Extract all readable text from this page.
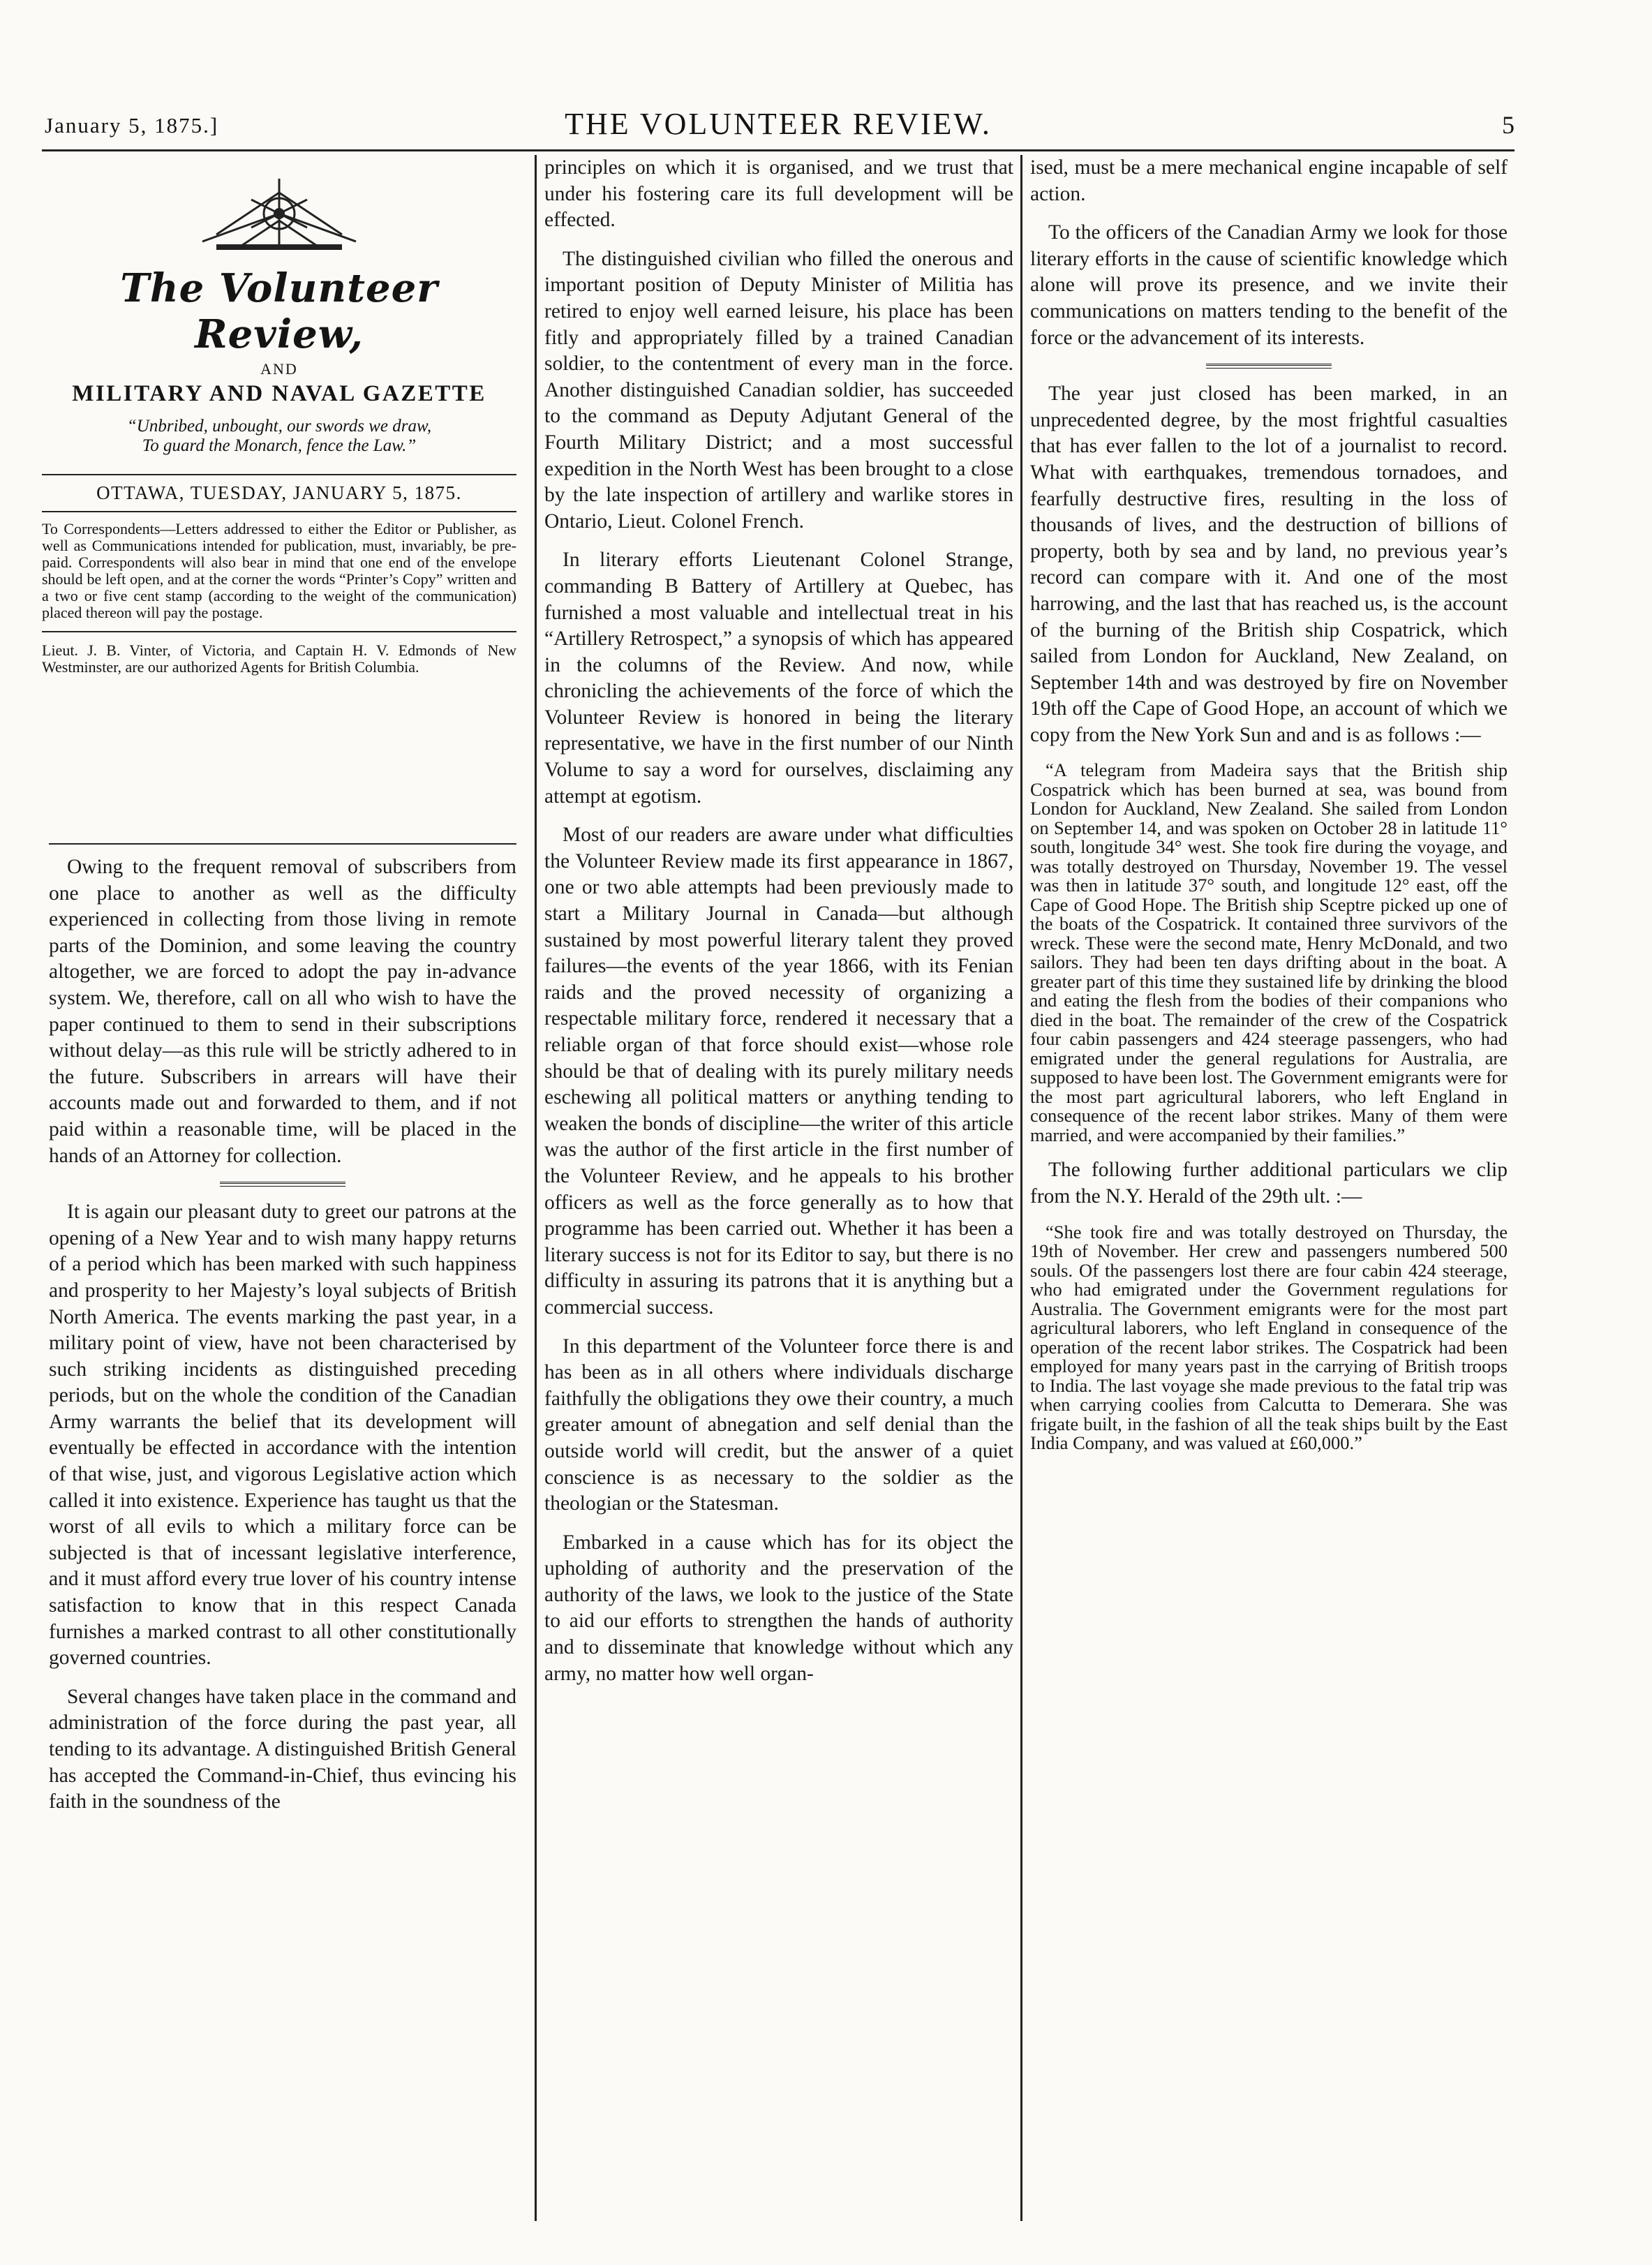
January 5, 1875.]	THE VOLUNTEER REVIEW.	5
The Volunteer Review,
AND
MILITARY AND NAVAL GAZETTE
“Unbribed, unbought, our swords we draw,
To guard the Monarch, fence the Law.”
OTTAWA, TUESDAY, JANUARY 5, 1875.

To Correspondents—Letters addressed to either the Editor or Publisher, as well as Communications intended for publication, must, invariably, be pre-paid. Correspondents will also bear in mind that one end of the envelope should be left open, and at the corner the words “Printer’s Copy” written and a two or five cent stamp (according to the weight of the communication) placed thereon will pay the postage.

Lieut. J. B. Vinter, of Victoria, and Captain H. V. Edmonds of New Westminster, are our authorized Agents for British Columbia.

Owing to the frequent removal of subscribers from one place to another as well as the difficulty experienced in collecting from those living in remote parts of the Dominion, and some leaving the country altogether, we are forced to adopt the pay in-advance system. We, therefore, call on all who wish to have the paper continued to them to send in their subscriptions without delay—as this rule will be strictly adhered to in the future. Subscribers in arrears will have their accounts made out and forwarded to them, and if not paid within a reasonable time, will be placed in the hands of an Attorney for collection.

It is again our pleasant duty to greet our patrons at the opening of a New Year and to wish many happy returns of a period which has been marked with such happiness and prosperity to her Majesty’s loyal subjects of British North America. The events marking the past year, in a military point of view, have not been characterised by such striking incidents as distinguished preceding periods, but on the whole the condition of the Canadian Army warrants the belief that its development will eventually be effected in accordance with the intention of that wise, just, and vigorous Legislative action which called it into existence. Experience has taught us that the worst of all evils to which a military force can be subjected is that of incessant legislative interference, and it must afford every true lover of his country intense satisfaction to know that in this respect Canada furnishes a marked contrast to all other constitutionally governed countries.

Several changes have taken place in the command and administration of the force during the past year, all tending to its advantage. A distinguished British General has accepted the Command-in-Chief, thus evincing his faith in the soundness of the

principles on which it is organised, and we trust that under his fostering care its full development will be effected.

The distinguished civilian who filled the onerous and important position of Deputy Minister of Militia has retired to enjoy well earned leisure, his place has been fitly and appropriately filled by a trained Canadian soldier, to the contentment of every man in the force. Another distinguished Canadian soldier, has succeeded to the command as Deputy Adjutant General of the Fourth Military District; and a most successful expedition in the North West has been brought to a close by the late inspection of artillery and warlike stores in Ontario, Lieut. Colonel French.

In literary efforts Lieutenant Colonel Strange, commanding B Battery of Artillery at Quebec, has furnished a most valuable and intellectual treat in his “Artillery Retrospect,” a synopsis of which has appeared in the columns of the Review. And now, while chronicling the achievements of the force of which the Volunteer Review is honored in being the literary representative, we have in the first number of our Ninth Volume to say a word for ourselves, disclaiming any attempt at egotism.

Most of our readers are aware under what difficulties the Volunteer Review made its first appearance in 1867, one or two able attempts had been previously made to start a Military Journal in Canada—but although sustained by most powerful literary talent they proved failures—the events of the year 1866, with its Fenian raids and the proved necessity of organizing a respectable military force, rendered it necessary that a reliable organ of that force should exist—whose role should be that of dealing with its purely military needs eschewing all political matters or anything tending to weaken the bonds of discipline—the writer of this article was the author of the first article in the first number of the Volunteer Review, and he appeals to his brother officers as well as the force generally as to how that programme has been carried out. Whether it has been a literary success is not for its Editor to say, but there is no difficulty in assuring its patrons that it is anything but a commercial success.

In this department of the Volunteer force there is and has been as in all others where individuals discharge faithfully the obligations they owe their country, a much greater amount of abnegation and self denial than the outside world will credit, but the answer of a quiet conscience is as necessary to the soldier as the theologian or the Statesman.

Embarked in a cause which has for its object the upholding of authority and the preservation of the authority of the laws, we look to the justice of the State to aid our efforts to strengthen the hands of authority and to disseminate that knowledge without which any army, no matter how well organ-

ised, must be a mere mechanical engine incapable of self action.

To the officers of the Canadian Army we look for those literary efforts in the cause of scientific knowledge which alone will prove its presence, and we invite their communications on matters tending to the benefit of the force or the advancement of its interests.

The year just closed has been marked, in an unprecedented degree, by the most frightful casualties that has ever fallen to the lot of a journalist to record. What with earthquakes, tremendous tornadoes, and fearfully destructive fires, resulting in the loss of thousands of lives, and the destruction of billions of property, both by sea and by land, no previous year’s record can compare with it. And one of the most harrowing, and the last that has reached us, is the account of the burning of the British ship Cospatrick, which sailed from London for Auckland, New Zealand, on September 14th and was destroyed by fire on November 19th off the Cape of Good Hope, an account of which we copy from the New York Sun and and is as follows :—

“A telegram from Madeira says that the British ship Cospatrick which has been burned at sea, was bound from London for Auckland, New Zealand. She sailed from London on September 14, and was spoken on October 28 in latitude 11° south, longitude 34° west. She took fire during the voyage, and was totally destroyed on Thursday, November 19. The vessel was then in latitude 37° south, and longitude 12° east, off the Cape of Good Hope. The British ship Sceptre picked up one of the boats of the Cospatrick. It contained three survivors of the wreck. These were the second mate, Henry McDonald, and two sailors. They had been ten days drifting about in the boat. A greater part of this time they sustained life by drinking the blood and eating the flesh from the bodies of their companions who died in the boat. The remainder of the crew of the Cospatrick four cabin passengers and 424 steerage passengers, who had emigrated under the general regulations for Australia, are supposed to have been lost. The Government emigrants were for the most part agricultural laborers, who left England in consequence of the recent labor strikes. Many of them were married, and were accompanied by their families.”

The following further additional particulars we clip from the N.Y. Herald of the 29th ult. :—

“She took fire and was totally destroyed on Thursday, the 19th of November. Her crew and passengers numbered 500 souls. Of the passengers lost there are four cabin 424 steerage, who had emigrated under the Government regulations for Australia. The Government emigrants were for the most part agricultural laborers, who left England in consequence of the operation of the recent labor strikes. The Cospatrick had been employed for many years past in the carrying of British troops to India. The last voyage she made previous to the fatal trip was when carrying coolies from Calcutta to Demerara. She was frigate built, in the fashion of all the teak ships built by the East India Company, and was valued at £60,000.”
